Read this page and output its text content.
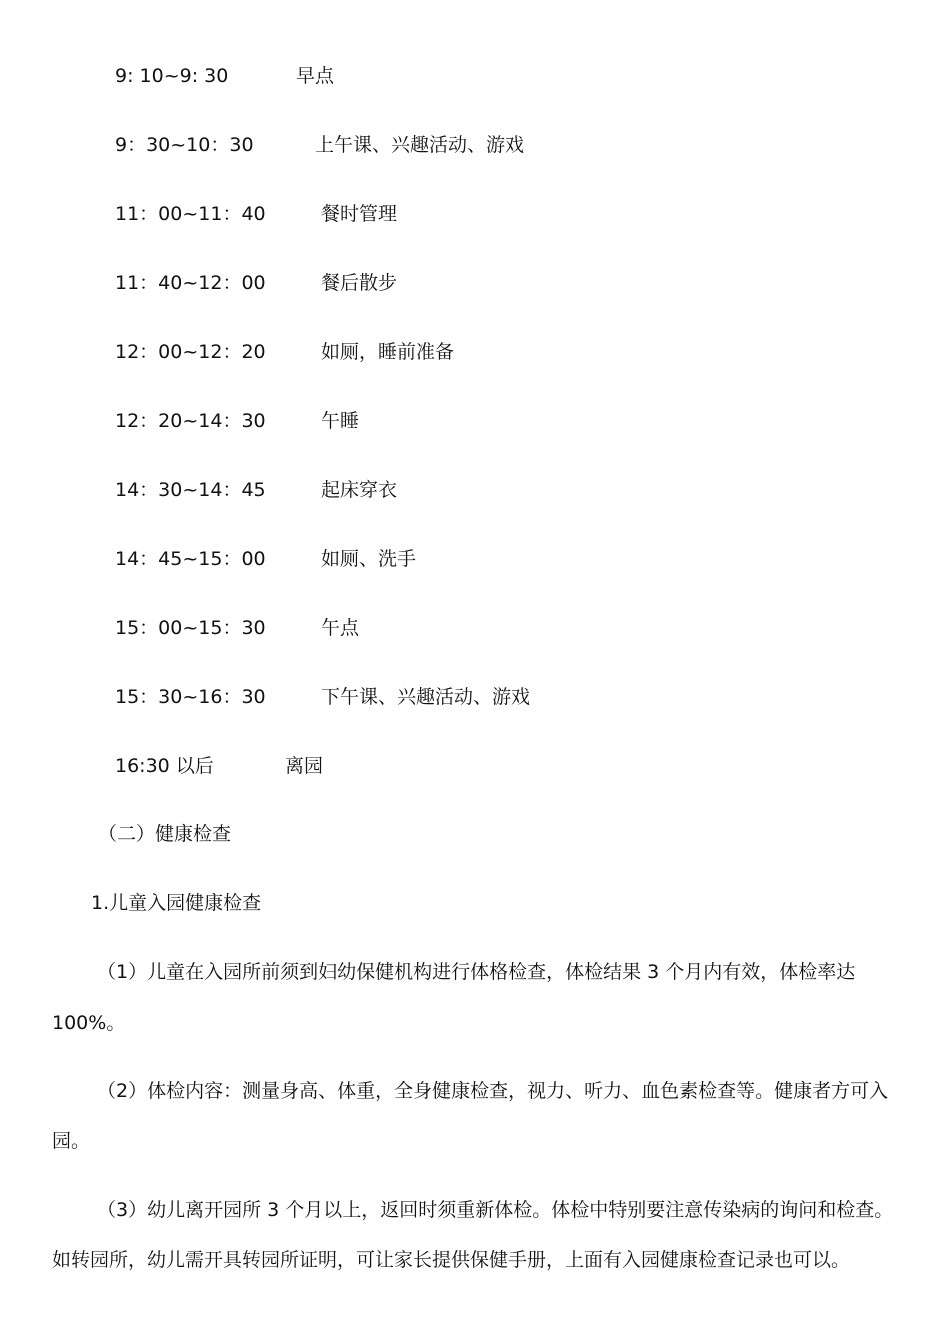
9: 10~9: 30	早点
9：30~10：30	上午课、兴趣活动、游戏
11：00~11：40	餐时管理
11：40~12：00	餐后散步
12：00~12：20	如厕，睡前准备
12：20~14：30	午睡
14：30~14：45	起床穿衣
14：45~15：00	如厕、洗手
15：00~15：30	午点
15：30~16：30	下午课、兴趣活动、游戏
16:30 以后	离园
（二）健康检查
1.儿童入园健康检查
（1）儿童在入园所前须到妇幼保健机构进行体格检查，体检结果 3 个月内有效，体检率达
100%。
（2）体检内容：测量身高、体重，全身健康检查，视力、听力、血色素检查等。健康者方可入
园。
（3）幼儿离开园所 3 个月以上，返回时须重新体检。体检中特别要注意传染病的询问和检查。
如转园所，幼儿需开具转园所证明，可让家长提供保健手册，上面有入园健康检查记录也可以。
